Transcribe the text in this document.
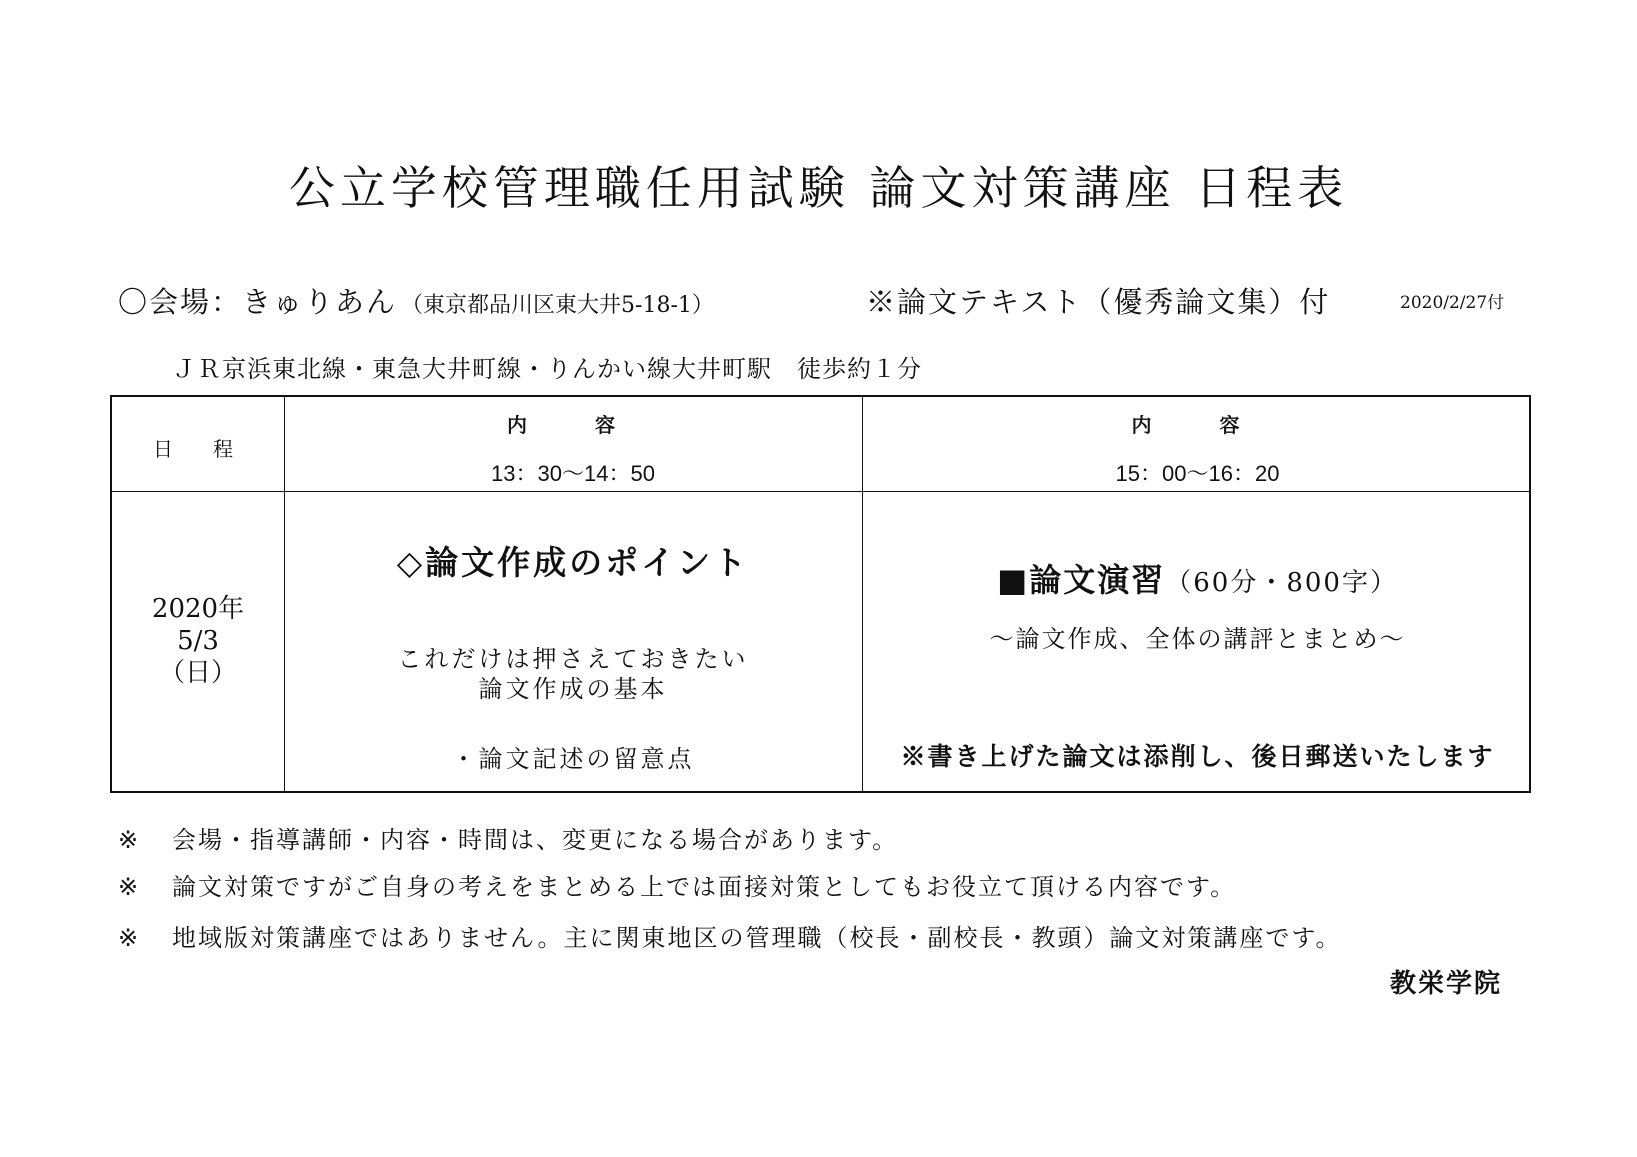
公立学校管理職任用試験 論文対策講座 日程表
〇会場：きゅりあん （東京都品川区東大井5-18-1）	※論文テキスト（優秀論文集）付	2020/2/27付
ＪＲ京浜東北線・東急大井町線・りんかい線大井町駅　徒歩約１分
日　程
内　容
13：30～14：50
内　容
15：00～16：20
2020年
5/3
（日）
◇論文作成のポイント
これだけは押さえておきたい
論文作成の基本
・論文記述の留意点
■論文演習（60分・800字）
～論文作成、全体の講評とまとめ～
※書き上げた論文は添削し、後日郵送いたします
※ 会場・指導講師・内容・時間は、変更になる場合があります。
※ 論文対策ですがご自身の考えをまとめる上では面接対策としてもお役立て頂ける内容です。
※ 地域版対策講座ではありません。主に関東地区の管理職（校長・副校長・教頭）論文対策講座です。
教栄学院
